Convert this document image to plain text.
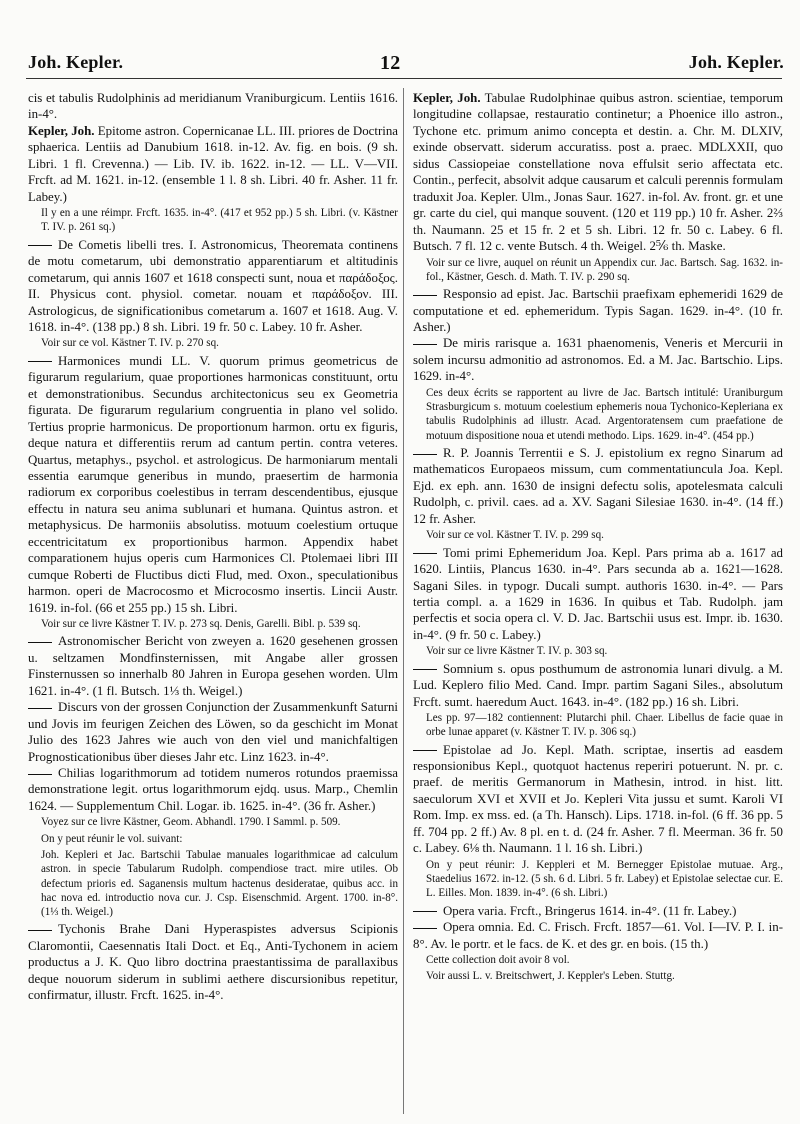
Joh. Kepler.	12	Joh. Kepler.

cis et tabulis Rudolphinis ad meridianum Vraniburgicum. Lentiis 1616. in-4°.

Kepler, Joh. Epitome astron. Copernicanae LL. III. priores de Doctrina sphaerica. Lentiis ad Danubium 1618. in-12. Av. fig. en bois. (9 sh. Libri. 1 fl. Crevenna.) — Lib. IV. ib. 1622. in-12. — LL. V—VII. Frcft. ad M. 1621. in-12. (ensemble 1 l. 8 sh. Libri. 40 fr. Asher. 11 fr. Labey.)

Il y en a une réimpr. Frcft. 1635. in-4°. (417 et 952 pp.) 5 sh. Libri. (v. Kästner T. IV. p. 261 sq.)

De Cometis libelli tres. I. Astronomicus, Theoremata continens de motu cometarum, ubi demonstratio apparentiarum et altitudinis cometarum, qui annis 1607 et 1618 conspecti sunt, noua et παράδοξος. II. Physicus cont. physiol. cometar. nouam et παράδοξον. III. Astrologicus, de significationibus cometarum a. 1607 et 1618. Aug. V. 1618. in-4°. (138 pp.) 8 sh. Libri. 19 fr. 50 c. Labey. 10 fr. Asher.

Voir sur ce vol. Kästner T. IV. p. 270 sq.

Harmonices mundi LL. V. quorum primus geometricus de figurarum regularium, quae proportiones harmonicas constituunt, ortu et demonstrationibus. Secundus architectonicus seu ex Geometria figurata. De figurarum regularium congruentia in plano vel solido. Tertius proprie harmonicus. De proportionum harmon. ortu ex figuris, deque natura et differentiis rerum ad cantum pertin. contra veteres. Quartus, metaphys., psychol. et astrologicus. De harmoniarum mentali essentia earumque generibus in mundo, praesertim de harmonia radiorum ex corporibus coelestibus in terram descendentibus, ejusque effectu in natura seu anima sublunari et humana. Quintus astron. et metaphysicus. De harmoniis absolutiss. motuum coelestium ortuque eccentricitatum ex proportionibus harmon. Appendix habet comparationem hujus operis cum Harmonices Cl. Ptolemaei libri III cumque Roberti de Fluctibus dicti Flud, med. Oxon., speculationibus harmon. operi de Macrocosmo et Microcosmo insertis. Lincii Austr. 1619. in-fol. (66 et 255 pp.) 15 sh. Libri.

Voir sur ce livre Kästner T. IV. p. 273 sq. Denis, Garelli. Bibl. p. 539 sq.

Astronomischer Bericht von zweyen a. 1620 gesehenen grossen u. seltzamen Mondfinsternissen, mit Angabe aller grossen Finsternussen so innerhalb 80 Jahren in Europa gesehen worden. Ulm 1621. in-4°. (1 fl. Butsch. 1⅓ th. Weigel.)

Discurs von der grossen Conjunction der Zusammenkunft Saturni und Jovis im feurigen Zeichen des Löwen, so da geschicht im Monat Julio des 1623 Jahres wie auch von den viel und manichfaltigen Prognosticationibus über dieses Jahr etc. Linz 1623. in-4°.

Chilias logarithmorum ad totidem numeros rotundos praemissa demonstratione legit. ortus logarithmorum ejdq. usus. Marp., Chemlin 1624. — Supplementum Chil. Logar. ib. 1625. in-4°. (36 fr. Asher.)

Voyez sur ce livre Kästner, Geom. Abhandl. 1790. I Samml. p. 509.

On y peut réunir le vol. suivant:

Joh. Kepleri et Jac. Bartschii Tabulae manuales logarithmicae ad calculum astron. in specie Tabularum Rudolph. compendiose tract. mire utiles. Ob defectum prioris ed. Saganensis multum hactenus desideratae, quibus acc. in hac nova ed. introductio nova cur. J. Csp. Eisenschmid. Argent. 1700. in-8°. (1⅓ th. Weigel.)

Tychonis Brahe Dani Hyperaspistes adversus Scipionis Claromontii, Caesennatis Itali Doct. et Eq., Anti-Tychonem in aciem productus a J. K. Quo libro doctrina praestantissima de parallaxibus deque nouorum siderum in sublimi aethere discursionibus repetitur, confirmatur, illustr. Frcft. 1625. in-4°.

Kepler, Joh. Tabulae Rudolphinae quibus astron. scientiae, temporum longitudine collapsae, restauratio continetur; a Phoenice illo astron., Tychone etc. primum animo concepta et destin. a. Chr. M. DLXIV, exinde observatt. siderum accuratiss. post a. praec. MDLXXII, quo sidus Cassiopeiae constellatione nova effulsit serio affectata etc. Contin., perfecit, absolvit adque causarum et calculi perennis formulam traduxit Joa. Kepler. Ulm., Jonas Saur. 1627. in-fol. Av. front. gr. et une gr. carte du ciel, qui manque souvent. (120 et 119 pp.) 10 fr. Asher. 2⅔ th. Naumann. 25 et 15 fr. 2 et 5 sh. Libri. 12 fr. 50 c. Labey. 6 fl. Butsch. 7 fl. 12 c. vente Butsch. 4 th. Weigel. 2⅚ th. Maske.

Voir sur ce livre, auquel on réunit un Appendix cur. Jac. Bartsch. Sag. 1632. in-fol., Kästner, Gesch. d. Math. T. IV. p. 290 sq.

Responsio ad epist. Jac. Bartschii praefixam ephemeridi 1629 de computatione et ed. ephemeridum. Typis Sagan. 1629. in-4°. (10 fr. Asher.)

De miris rarisque a. 1631 phaenomenis, Veneris et Mercurii in solem incursu admonitio ad astronomos. Ed. a M. Jac. Bartschio. Lips. 1629. in-4°.

Ces deux écrits se rapportent au livre de Jac. Bartsch intitulé: Uraniburgum Strasburgicum s. motuum coelestium ephemeris noua Tychonico-Kepleriana ex tabulis Rudolphinis ad illustr. Acad. Argentoratensem cum praefatione de motuum dispositione noua et utendi methodo. Lips. 1629. in-4°. (454 pp.)

R. P. Joannis Terrentii e S. J. epistolium ex regno Sinarum ad mathematicos Europaeos missum, cum commentatiuncula Joa. Kepl. Ejd. ex eph. ann. 1630 de insigni defectu solis, apotelesmata calculi Rudolph, c. privil. caes. ad a. XV. Sagani Silesiae 1630. in-4°. (14 ff.) 12 fr. Asher.

Voir sur ce vol. Kästner T. IV. p. 299 sq.

Tomi primi Ephemeridum Joa. Kepl. Pars prima ab a. 1617 ad 1620. Lintiis, Plancus 1630. in-4°. Pars secunda ab a. 1621—1628. Sagani Siles. in typogr. Ducali sumpt. authoris 1630. in-4°. — Pars tertia compl. a. a 1629 in 1636. In quibus et Tab. Rudolph. jam perfectis et socia opera cl. V. D. Jac. Bartschii usus est. Impr. ib. 1630. in-4°. (9 fr. 50 c. Labey.)

Voir sur ce livre Kästner T. IV. p. 303 sq.

Somnium s. opus posthumum de astronomia lunari divulg. a M. Lud. Keplero filio Med. Cand. Impr. partim Sagani Siles., absolutum Frcft. sumt. haeredum Auct. 1643. in-4°. (182 pp.) 16 sh. Libri.

Les pp. 97—182 contiennent: Plutarchi phil. Chaer. Libellus de facie quae in orbe lunae apparet (v. Kästner T. IV. p. 306 sq.)

Epistolae ad Jo. Kepl. Math. scriptae, insertis ad easdem responsionibus Kepl., quotquot hactenus reperiri potuerunt. N. pr. c. praef. de meritis Germanorum in Mathesin, introd. in hist. litt. saeculorum XVI et XVII et Jo. Kepleri Vita jussu et sumt. Karoli VI Rom. Imp. ex mss. ed. (a Th. Hansch). Lips. 1718. in-fol. (6 ff. 36 pp. 5 ff. 704 pp. 2 ff.) Av. 8 pl. en t. d. (24 fr. Asher. 7 fl. Meerman. 36 fr. 50 c. Labey. 6⅛ th. Naumann. 1 l. 16 sh. Libri.)

On y peut réunir: J. Keppleri et M. Bernegger Epistolae mutuae. Arg., Staedelius 1672. in-12. (5 sh. 6 d. Libri. 5 fr. Labey) et Epistolae selectae cur. E. L. Eilles. Mon. 1839. in-4°. (6 sh. Libri.)

Opera varia. Frcft., Bringerus 1614. in-4°. (11 fr. Labey.)

Opera omnia. Ed. C. Frisch. Frcft. 1857—61. Vol. I—IV. P. I. in-8°. Av. le portr. et le facs. de K. et des gr. en bois. (15 th.)

Cette collection doit avoir 8 vol.

Voir aussi L. v. Breitschwert, J. Keppler's Leben. Stuttg.
